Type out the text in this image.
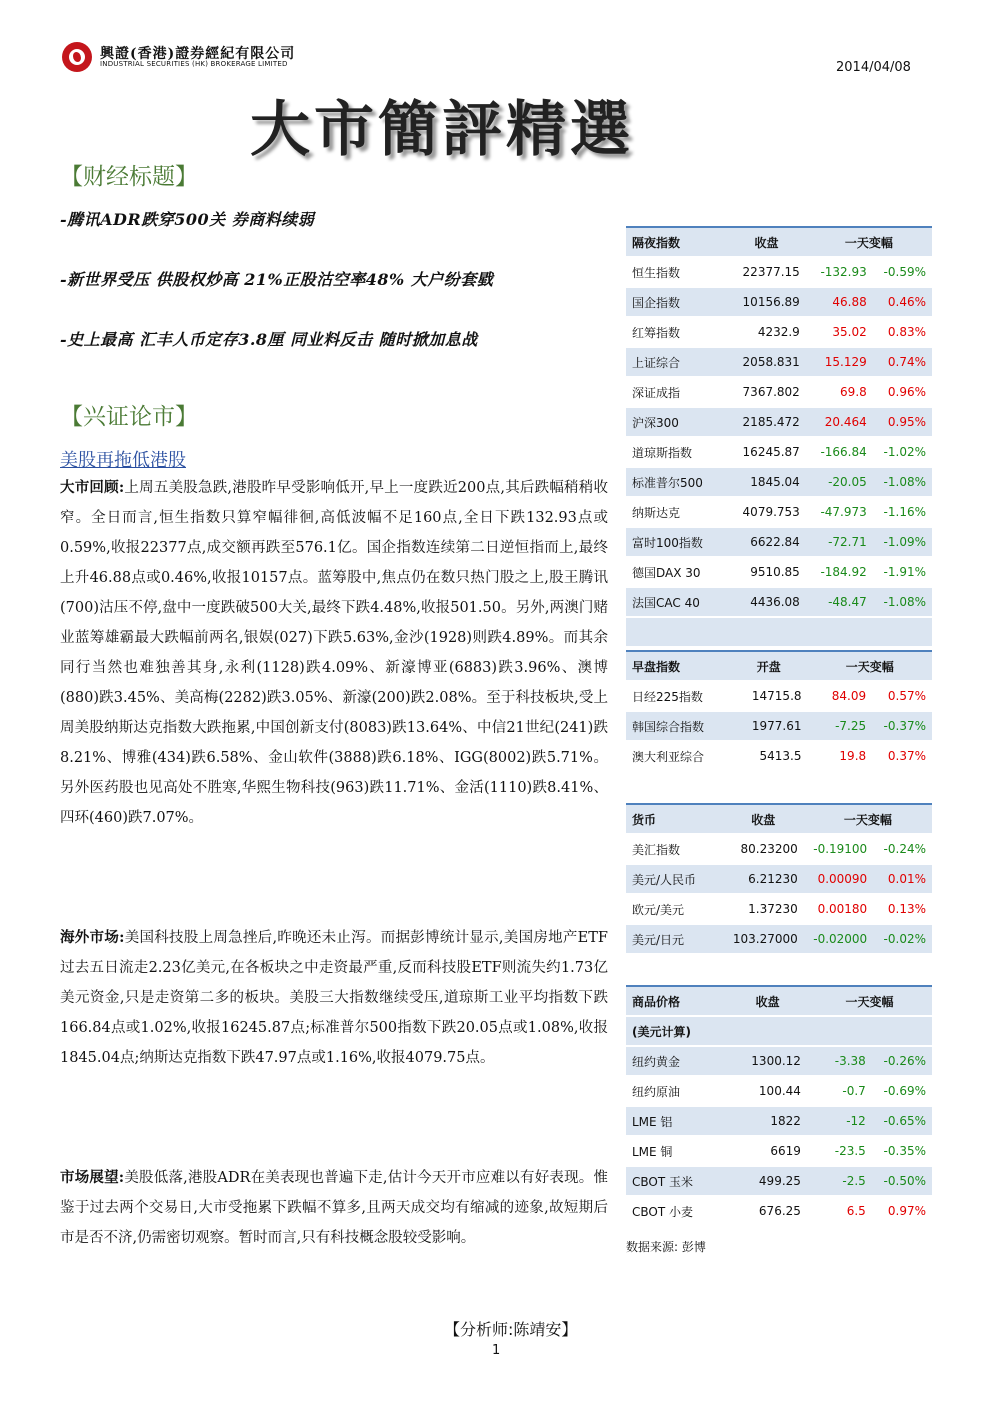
興證(香港)證券經紀有限公司
INDUSTRIAL SECURITIES (HK) BROKERAGE LIMITED	2014/04/08
大市簡評精選
【财经标题】
-腾讯ADR跌穿500关 券商料续弱
-新世界受压 供股权炒高 21%正股沽空率48% 大户纷套戥
-史上最高 汇丰人币定存3.8厘 同业料反击 随时掀加息战
【兴证论市】
美股再拖低港股
大市回顾:上周五美股急跌,港股昨早受影响低开,早上一度跌近200点,其后跌幅稍稍收窄。全日而言,恒生指数只算窄幅徘徊,高低波幅不足160点,全日下跌132.93点或0.59%,收报22377点,成交额再跌至576.1亿。国企指数连续第二日逆恒指而上,最终上升46.88点或0.46%,收报10157点。蓝筹股中,焦点仍在数只热门股之上,股王腾讯(700)沽压不停,盘中一度跌破500大关,最终下跌4.48%,收报501.50。另外,两澳门赌业蓝筹雄霸最大跌幅前两名,银娱(027)下跌5.63%,金沙(1928)则跌4.89%。而其余同行当然也难独善其身,永利(1128)跌4.09%、新濠博亚(6883)跌3.96%、澳博(880)跌3.45%、美高梅(2282)跌3.05%、新濠(200)跌2.08%。至于科技板块,受上周美股纳斯达克指数大跌拖累,中国创新支付(8083)跌13.64%、中信21世纪(241)跌8.21%、博雅(434)跌6.58%、金山软件(3888)跌6.18%、IGG(8002)跌5.71%。另外医药股也见高处不胜寒,华熙生物科技(963)跌11.71%、金活(1110)跌8.41%、四环(460)跌7.07%。
海外市场:美国科技股上周急挫后,昨晚还未止泻。而据彭博统计显示,美国房地产ETF过去五日流走2.23亿美元,在各板块之中走资最严重,反而科技股ETF则流失约1.73亿美元资金,只是走资第二多的板块。美股三大指数继续受压,道琼斯工业平均指数下跌166.84点或1.02%,收报16245.87点;标准普尔500指数下跌20.05点或1.08%,收报1845.04点;纳斯达克指数下跌47.97点或1.16%,收报4079.75点。
市场展望:美股低落,港股ADR在美表现也普遍下走,估计今天开市应难以有好表现。惟鉴于过去两个交易日,大市受拖累下跌幅不算多,且两天成交均有缩减的迹象,故短期后市是否不济,仍需密切观察。暂时而言,只有科技概念股较受影响。
【分析师:陈靖安】
1
隔夜指数	收盘	一天变幅	
恒生指数	22377.15	-132.93	-0.59%
国企指数	10156.89	46.88	0.46%
红筹指数	4232.9	35.02	0.83%
上证综合	2058.831	15.129	0.74%
深证成指	7367.802	69.8	0.96%
沪深300	2185.472	20.464	0.95%
道琼斯指数	16245.87	-166.84	-1.02%
标准普尔500	1845.04	-20.05	-1.08%
纳斯达克	4079.753	-47.973	-1.16%
富时100指数	6622.84	-72.71	-1.09%
德国DAX 30	9510.85	-184.92	-1.91%
法国CAC 40	4436.08	-48.47	-1.08%

早盘指数	开盘	一天变幅	
日经225指数	14715.8	84.09	0.57%
韩国综合指数	1977.61	-7.25	-0.37%
澳大利亚综合	5413.5	19.8	0.37%
货币	收盘	一天变幅	
美汇指数	80.23200	-0.19100	-0.24%
美元/人民币	6.21230	0.00090	0.01%
欧元/美元	1.37230	0.00180	0.13%
美元/日元	103.27000	-0.02000	-0.02%
商品价格	收盘	一天变幅	
(美元计算)			
纽约黄金	1300.12	-3.38	-0.26%
纽约原油	100.44	-0.7	-0.69%
LME 铝	1822	-12	-0.65%
LME 铜	6619	-23.5	-0.35%
CBOT 玉米	499.25	-2.5	-0.50%
CBOT 小麦	676.25	6.5	0.97%
数据来源: 彭博
